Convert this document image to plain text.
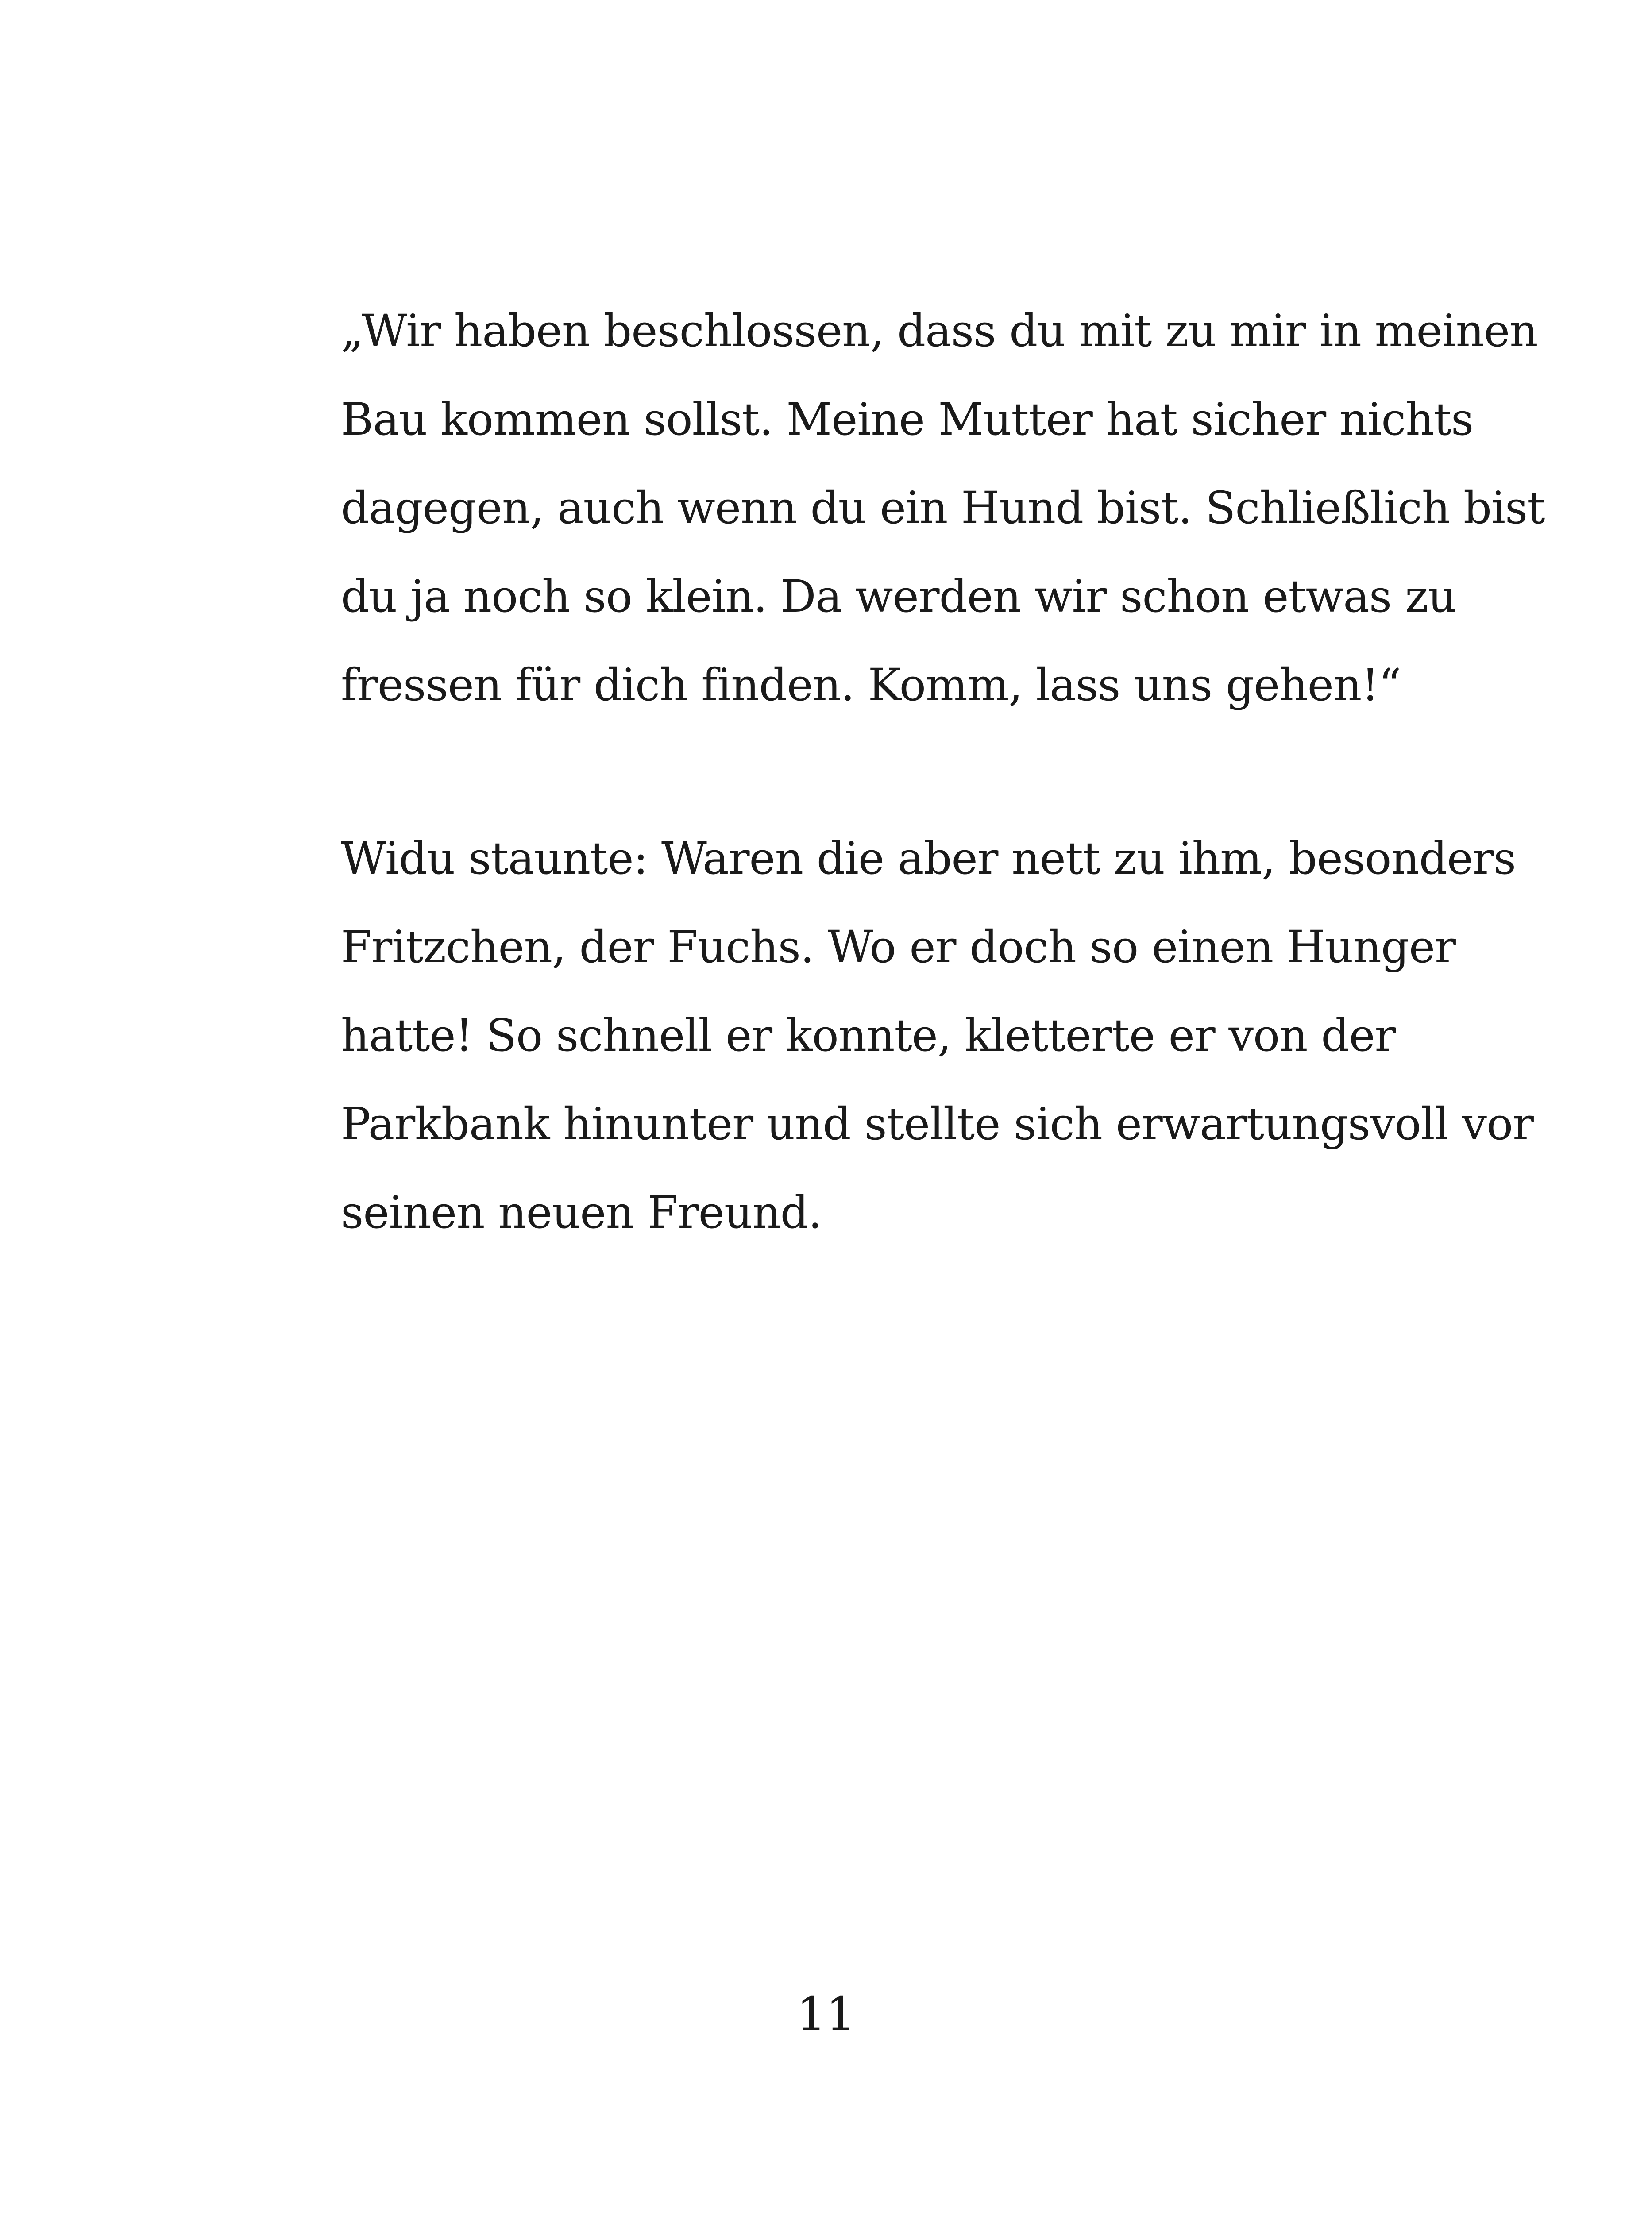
„Wir haben beschlossen, dass du mit zu mir in meinen
Bau kommen sollst. Meine Mutter hat sicher nichts
dagegen, auch wenn du ein Hund bist. Schließlich bist
du ja noch so klein. Da werden wir schon etwas zu
fressen für dich finden. Komm, lass uns gehen!“
Widu staunte: Waren die aber nett zu ihm, besonders
Fritzchen, der Fuchs. Wo er doch so einen Hunger
hatte! So schnell er konnte, kletterte er von der
Parkbank hinunter und stellte sich erwartungsvoll vor
seinen neuen Freund.
11
